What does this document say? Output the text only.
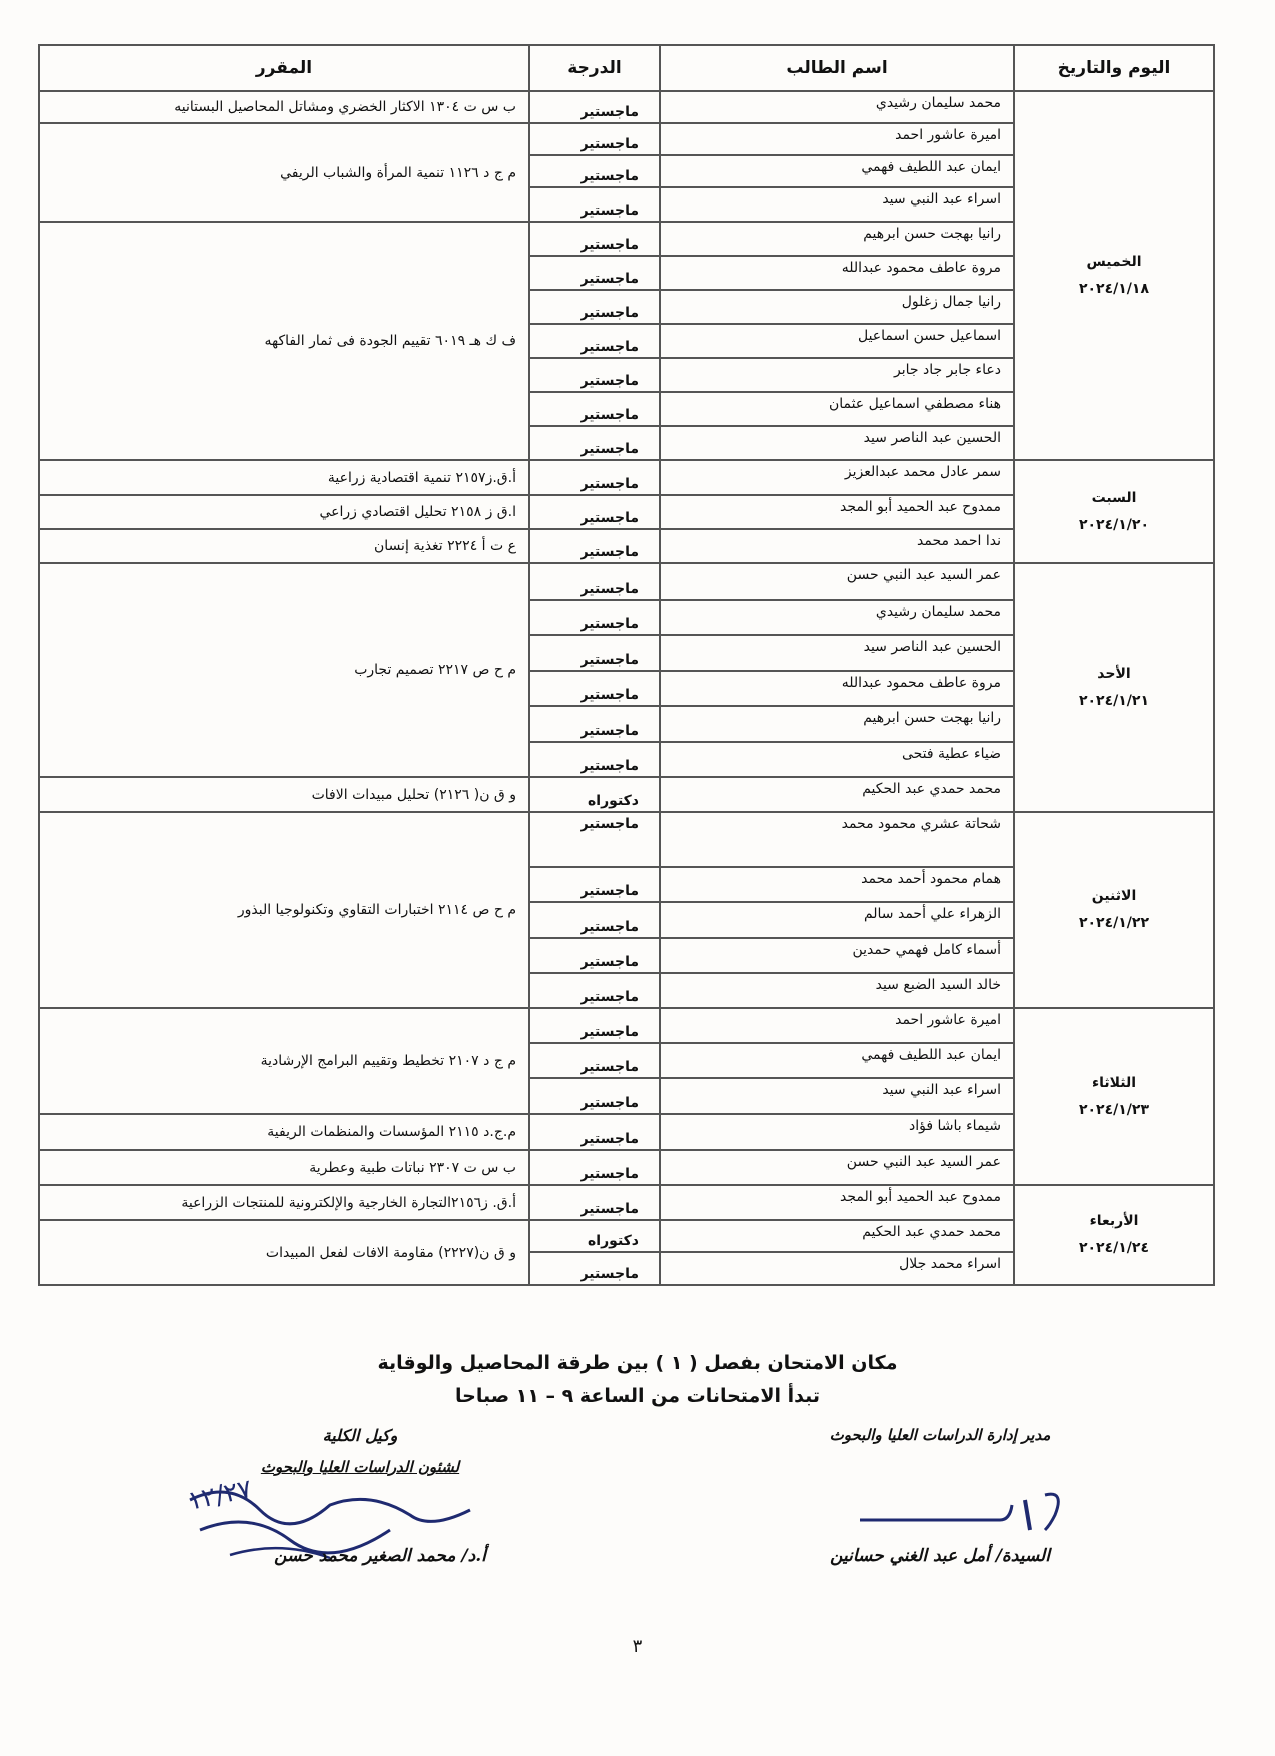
اليوم والتاريخ	اسم الطالب	الدرجة	المقرر

الخميس
٢٠٢٤/١/١٨	محمد سليمان رشيدي	ماجستير	ب س ت ١٣٠٤ الاكثار الخضري ومشاتل المحاصيل البستانيه
	اميرة عاشور احمد	ماجستير	م ج د ١١٢٦ تنمية المرأة والشباب الريفي
	ايمان عبد اللطيف فهمي	ماجستير	
	اسراء عبد النبي سيد	ماجستير	
	رانيا بهجت حسن ابرهيم	ماجستير	ف ك هـ ٦٠١٩ تقييم الجودة فى ثمار الفاكهه
	مروة عاطف محمود عبدالله	ماجستير	
	رانيا جمال زغلول	ماجستير	
	اسماعيل حسن اسماعيل	ماجستير	
	دعاء جابر جاد جابر	ماجستير	
	هناء مصطفي اسماعيل عثمان	ماجستير	
	الحسين عبد الناصر سيد	ماجستير	

السبت
٢٠٢٤/١/٢٠	سمر عادل محمد عبدالعزيز	ماجستير	أ.ق.ز٢١٥٧ تنمية اقتصادية زراعية
	ممدوح عبد الحميد أبو المجد	ماجستير	ا.ق ز ٢١٥٨ تحليل اقتصادي زراعي
	ندا احمد محمد	ماجستير	ع ت أ ٢٢٢٤ تغذية إنسان

الأحد
٢٠٢٤/١/٢١	عمر السيد عبد النبي حسن	ماجستير	م ح ص ٢٢١٧ تصميم تجارب
	محمد سليمان رشيدي	ماجستير	
	الحسين عبد الناصر سيد	ماجستير	
	مروة عاطف محمود عبدالله	ماجستير	
	رانيا بهجت حسن ابرهيم	ماجستير	
	ضياء عطية فتحى	ماجستير	
	محمد حمدي عبد الحكيم	دكتوراه	و ق ن( ٢١٢٦) تحليل مبيدات الافات

الاثنين
٢٠٢٤/١/٢٢	شحاتة عشري محمود محمد	ماجستير	م ح ص ٢١١٤ اختبارات التقاوي وتكنولوجيا البذور
	همام محمود أحمد محمد	ماجستير	
	الزهراء علي أحمد سالم	ماجستير	
	أسماء كامل فهمي حمدين	ماجستير	
	خالد السيد الضبع سيد	ماجستير	

الثلاثاء
٢٠٢٤/١/٢٣	اميرة عاشور احمد	ماجستير	م ج د ٢١٠٧ تخطيط وتقييم البرامج الإرشادية
	ايمان عبد اللطيف فهمي	ماجستير	
	اسراء عبد النبي سيد	ماجستير	
	شيماء باشا فؤاد	ماجستير	م.ج.د ٢١١٥ المؤسسات والمنظمات الريفية
	عمر السيد عبد النبي حسن	ماجستير	ب س ت ٢٣٠٧ نباتات طبية وعطرية

الأربعاء
٢٠٢٤/١/٢٤	ممدوح عبد الحميد أبو المجد	ماجستير	أ.ق. ز٢١٥٦التجارة الخارجية والإلكترونية للمنتجات الزراعية
	محمد حمدي عبد الحكيم	دكتوراه	و ق ن(٢٢٢٧) مقاومة الافات لفعل المبيدات
	اسراء محمد جلال	ماجستير	
مكان الامتحان بفصل ( ١ ) بين طرقة المحاصيل والوقاية
تبدأ الامتحانات من الساعة ٩ – ١١ صباحا
وكيل الكلية
لشئون الدراسات العليا والبحوث
١٢/٢٧
أ.د/ محمد الصغير محمد حسن
مدير إدارة الدراسات العليا والبحوث
السيدة/ أمل عبد الغني حسانين
٣
